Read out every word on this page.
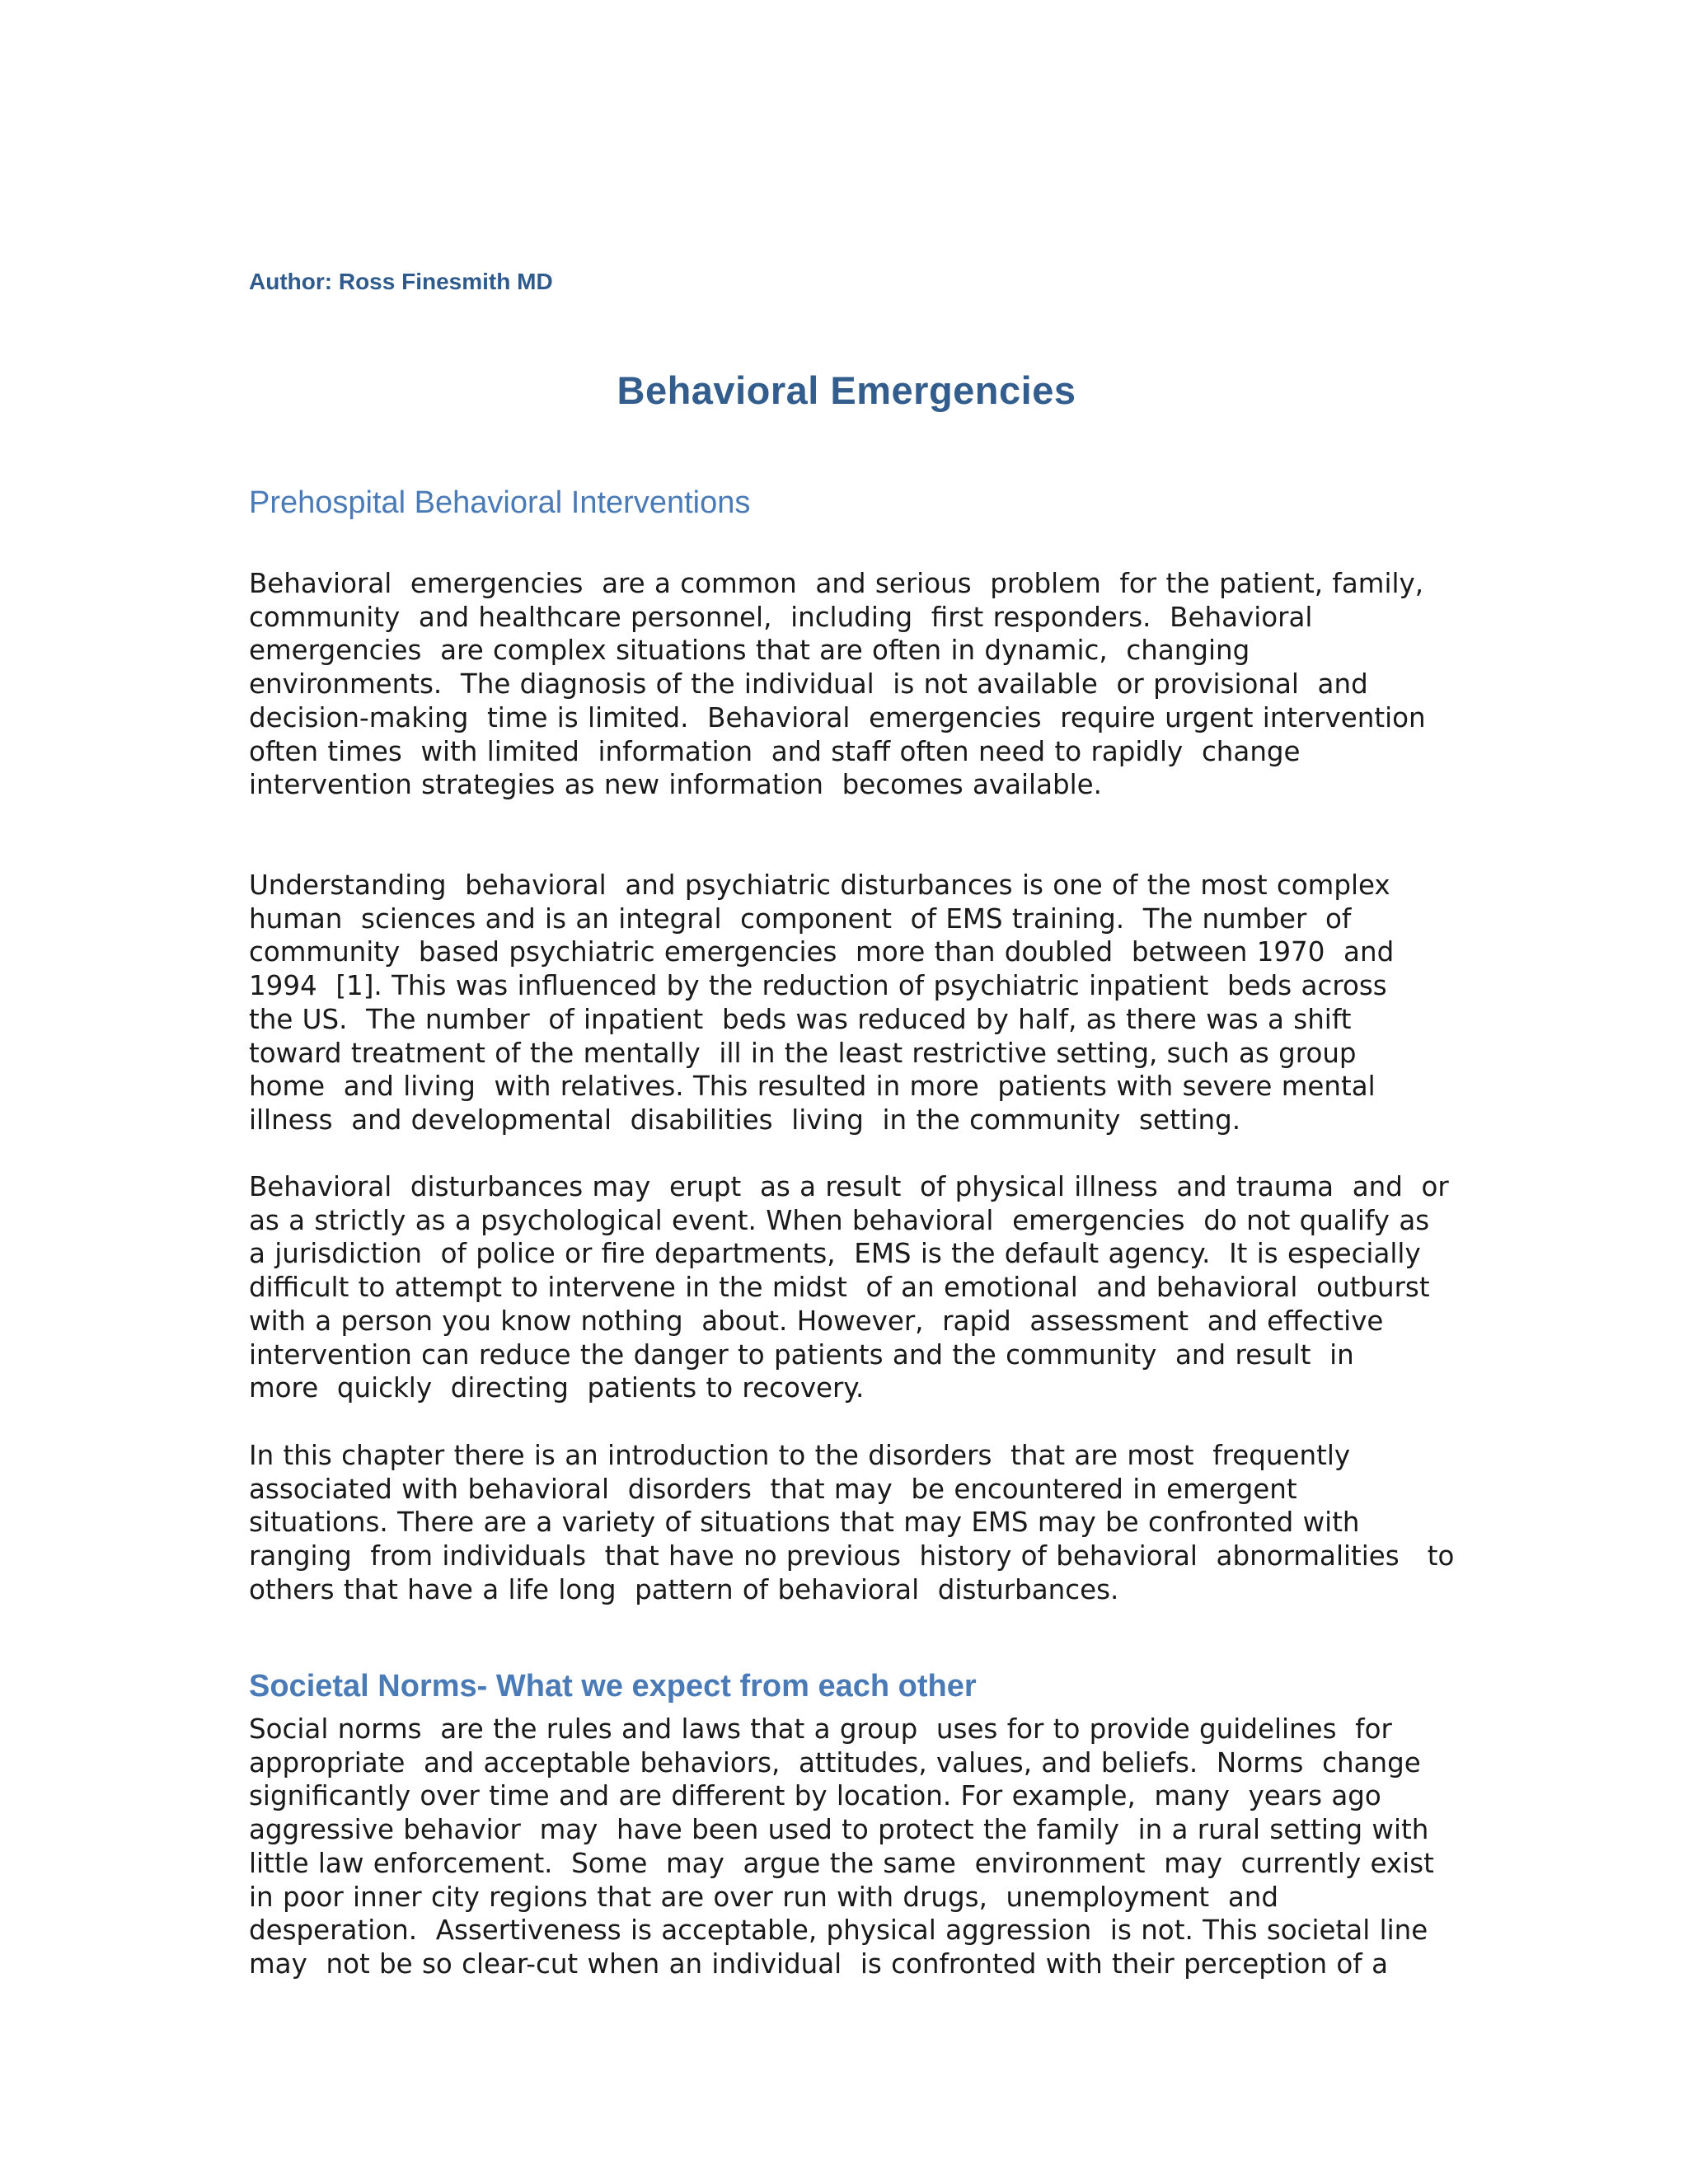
Author: Ross Finesmith MD
Behavioral Emergencies
Prehospital Behavioral Interventions

Behavioral  emergencies  are a common  and serious  problem  for the patient, family,
community  and healthcare personnel,  including  first responders.  Behavioral
emergencies  are complex situations that are often in dynamic,  changing
environments.  The diagnosis of the individual  is not available  or provisional  and
decision-making  time is limited.  Behavioral  emergencies  require urgent intervention
often times  with limited  information  and staff often need to rapidly  change
intervention strategies as new information  becomes available.

Understanding  behavioral  and psychiatric disturbances is one of the most complex
human  sciences and is an integral  component  of EMS training.  The number  of
community  based psychiatric emergencies  more than doubled  between 1970  and
1994  [1]. This was influenced by the reduction of psychiatric inpatient  beds across
the US.  The number  of inpatient  beds was reduced by half, as there was a shift
toward treatment of the mentally  ill in the least restrictive setting, such as group
home  and living  with relatives. This resulted in more  patients with severe mental
illness  and developmental  disabilities  living  in the community  setting.

Behavioral  disturbances may  erupt  as a result  of physical illness  and trauma  and  or
as a strictly as a psychological event. When behavioral  emergencies  do not qualify as
a jurisdiction  of police or fire departments,  EMS is the default agency.  It is especially
difficult to attempt to intervene in the midst  of an emotional  and behavioral  outburst
with a person you know nothing  about. However,  rapid  assessment  and effective
intervention can reduce the danger to patients and the community  and result  in
more  quickly  directing  patients to recovery.

In this chapter there is an introduction to the disorders  that are most  frequently
associated with behavioral  disorders  that may  be encountered in emergent
situations. There are a variety of situations that may EMS may be confronted with
ranging  from individuals  that have no previous  history of behavioral  abnormalities   to
others that have a life long  pattern of behavioral  disturbances.

Societal Norms- What we expect from each other

Social norms  are the rules and laws that a group  uses for to provide guidelines  for
appropriate  and acceptable behaviors,  attitudes, values, and beliefs.  Norms  change
significantly over time and are different by location. For example,  many  years ago
aggressive behavior  may  have been used to protect the family  in a rural setting with
little law enforcement.  Some  may  argue the same  environment  may  currently exist
in poor inner city regions that are over run with drugs,  unemployment  and
desperation.  Assertiveness is acceptable, physical aggression  is not. This societal line
may  not be so clear-cut when an individual  is confronted with their perception of a
